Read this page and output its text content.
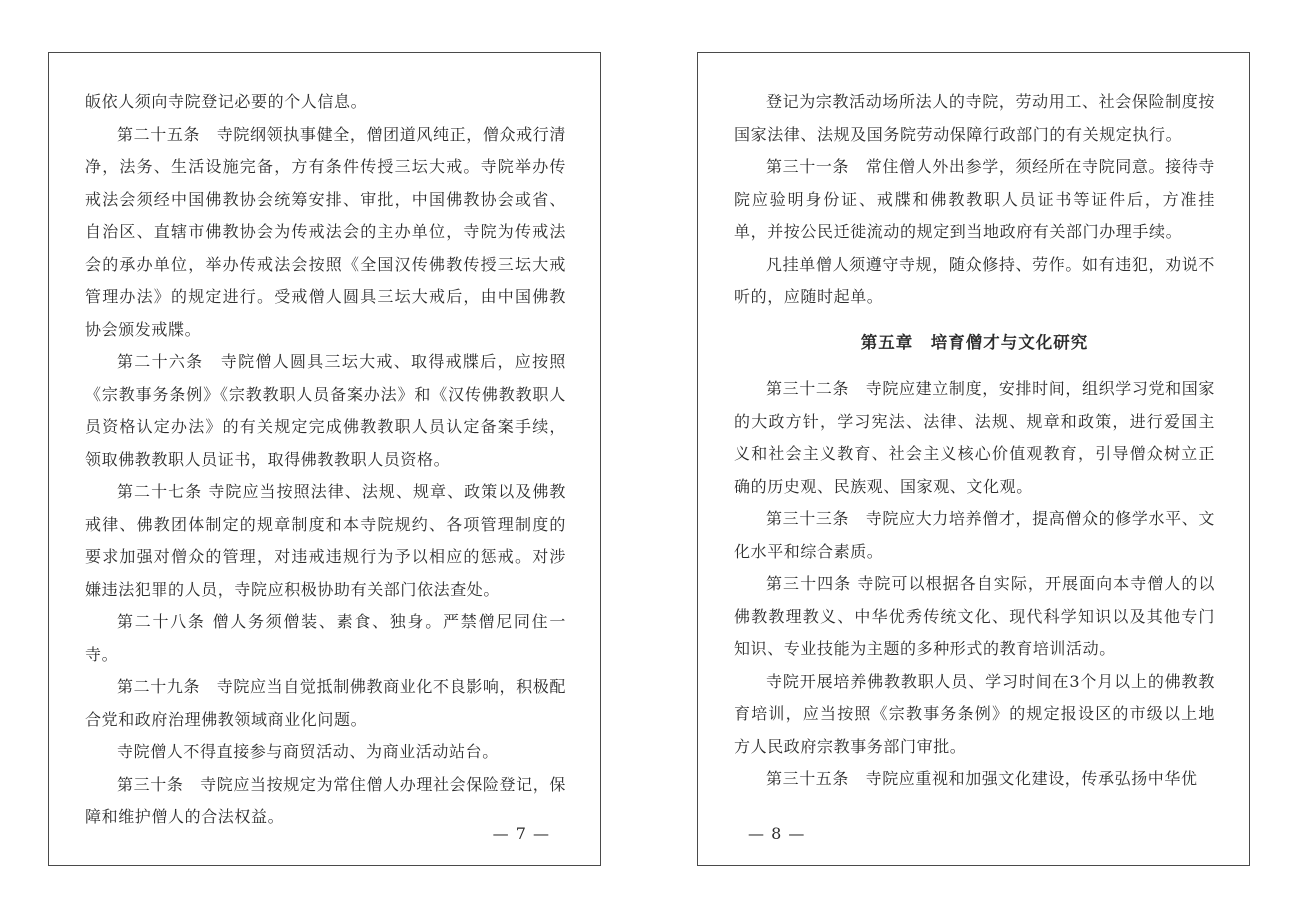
皈依人须向寺院登记必要的个人信息。

第二十五条　寺院纲领执事健全，僧团道风纯正，僧众戒行清净，法务、生活设施完备，方有条件传授三坛大戒。寺院举办传戒法会须经中国佛教协会统筹安排、审批，中国佛教协会或省、自治区、直辖市佛教协会为传戒法会的主办单位，寺院为传戒法会的承办单位，举办传戒法会按照《全国汉传佛教传授三坛大戒管理办法》的规定进行。受戒僧人圆具三坛大戒后，由中国佛教协会颁发戒牒。

第二十六条　寺院僧人圆具三坛大戒、取得戒牒后，应按照《宗教事务条例》《宗教教职人员备案办法》和《汉传佛教教职人员资格认定办法》的有关规定完成佛教教职人员认定备案手续，领取佛教教职人员证书，取得佛教教职人员资格。

第二十七条 寺院应当按照法律、法规、规章、政策以及佛教戒律、佛教团体制定的规章制度和本寺院规约、各项管理制度的要求加强对僧众的管理，对违戒违规行为予以相应的惩戒。对涉嫌违法犯罪的人员，寺院应积极协助有关部门依法查处。

第二十八条 僧人务须僧装、素食、独身。严禁僧尼同住一寺。

第二十九条　寺院应当自觉抵制佛教商业化不良影响，积极配合党和政府治理佛教领域商业化问题。

寺院僧人不得直接参与商贸活动、为商业活动站台。

第三十条　寺院应当按规定为常住僧人办理社会保险登记，保障和维护僧人的合法权益。

— 7 —

登记为宗教活动场所法人的寺院，劳动用工、社会保险制度按国家法律、法规及国务院劳动保障行政部门的有关规定执行。

第三十一条　常住僧人外出参学，须经所在寺院同意。接待寺院应验明身份证、戒牒和佛教教职人员证书等证件后，方准挂单，并按公民迁徙流动的规定到当地政府有关部门办理手续。

凡挂单僧人须遵守寺规，随众修持、劳作。如有违犯，劝说不听的，应随时起单。

第五章　培育僧才与文化研究

第三十二条　寺院应建立制度，安排时间，组织学习党和国家的大政方针，学习宪法、法律、法规、规章和政策，进行爱国主义和社会主义教育、社会主义核心价值观教育，引导僧众树立正确的历史观、民族观、国家观、文化观。

第三十三条　寺院应大力培养僧才，提高僧众的修学水平、文化水平和综合素质。

第三十四条 寺院可以根据各自实际，开展面向本寺僧人的以佛教教理教义、中华优秀传统文化、现代科学知识以及其他专门知识、专业技能为主题的多种形式的教育培训活动。

寺院开展培养佛教教职人员、学习时间在3个月以上的佛教教育培训，应当按照《宗教事务条例》的规定报设区的市级以上地方人民政府宗教事务部门审批。

第三十五条　寺院应重视和加强文化建设，传承弘扬中华优

— 8 —
